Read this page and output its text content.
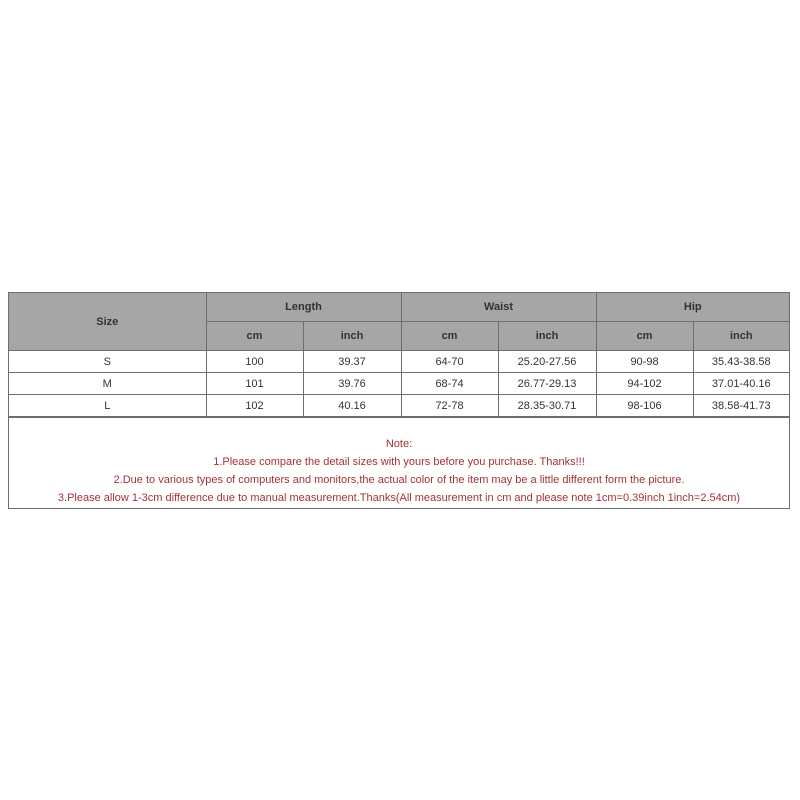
Size	Length		Waist		Hip	
	cm	inch	cm	inch	cm	inch
S	100	39.37	64-70	25.20-27.56	90-98	35.43-38.58
M	101	39.76	68-74	26.77-29.13	94-102	37.01-40.16
L	102	40.16	72-78	28.35-30.71	98-106	38.58-41.73
Note:
1.Please compare the detail sizes with yours before you purchase. Thanks!!!
2.Due to various types of computers and monitors,the actual color of the item may be a little different form the picture.
3.Please allow 1-3cm difference due to manual measurement.Thanks(All measurement in cm and please note 1cm=0.39inch 1inch=2.54cm)
